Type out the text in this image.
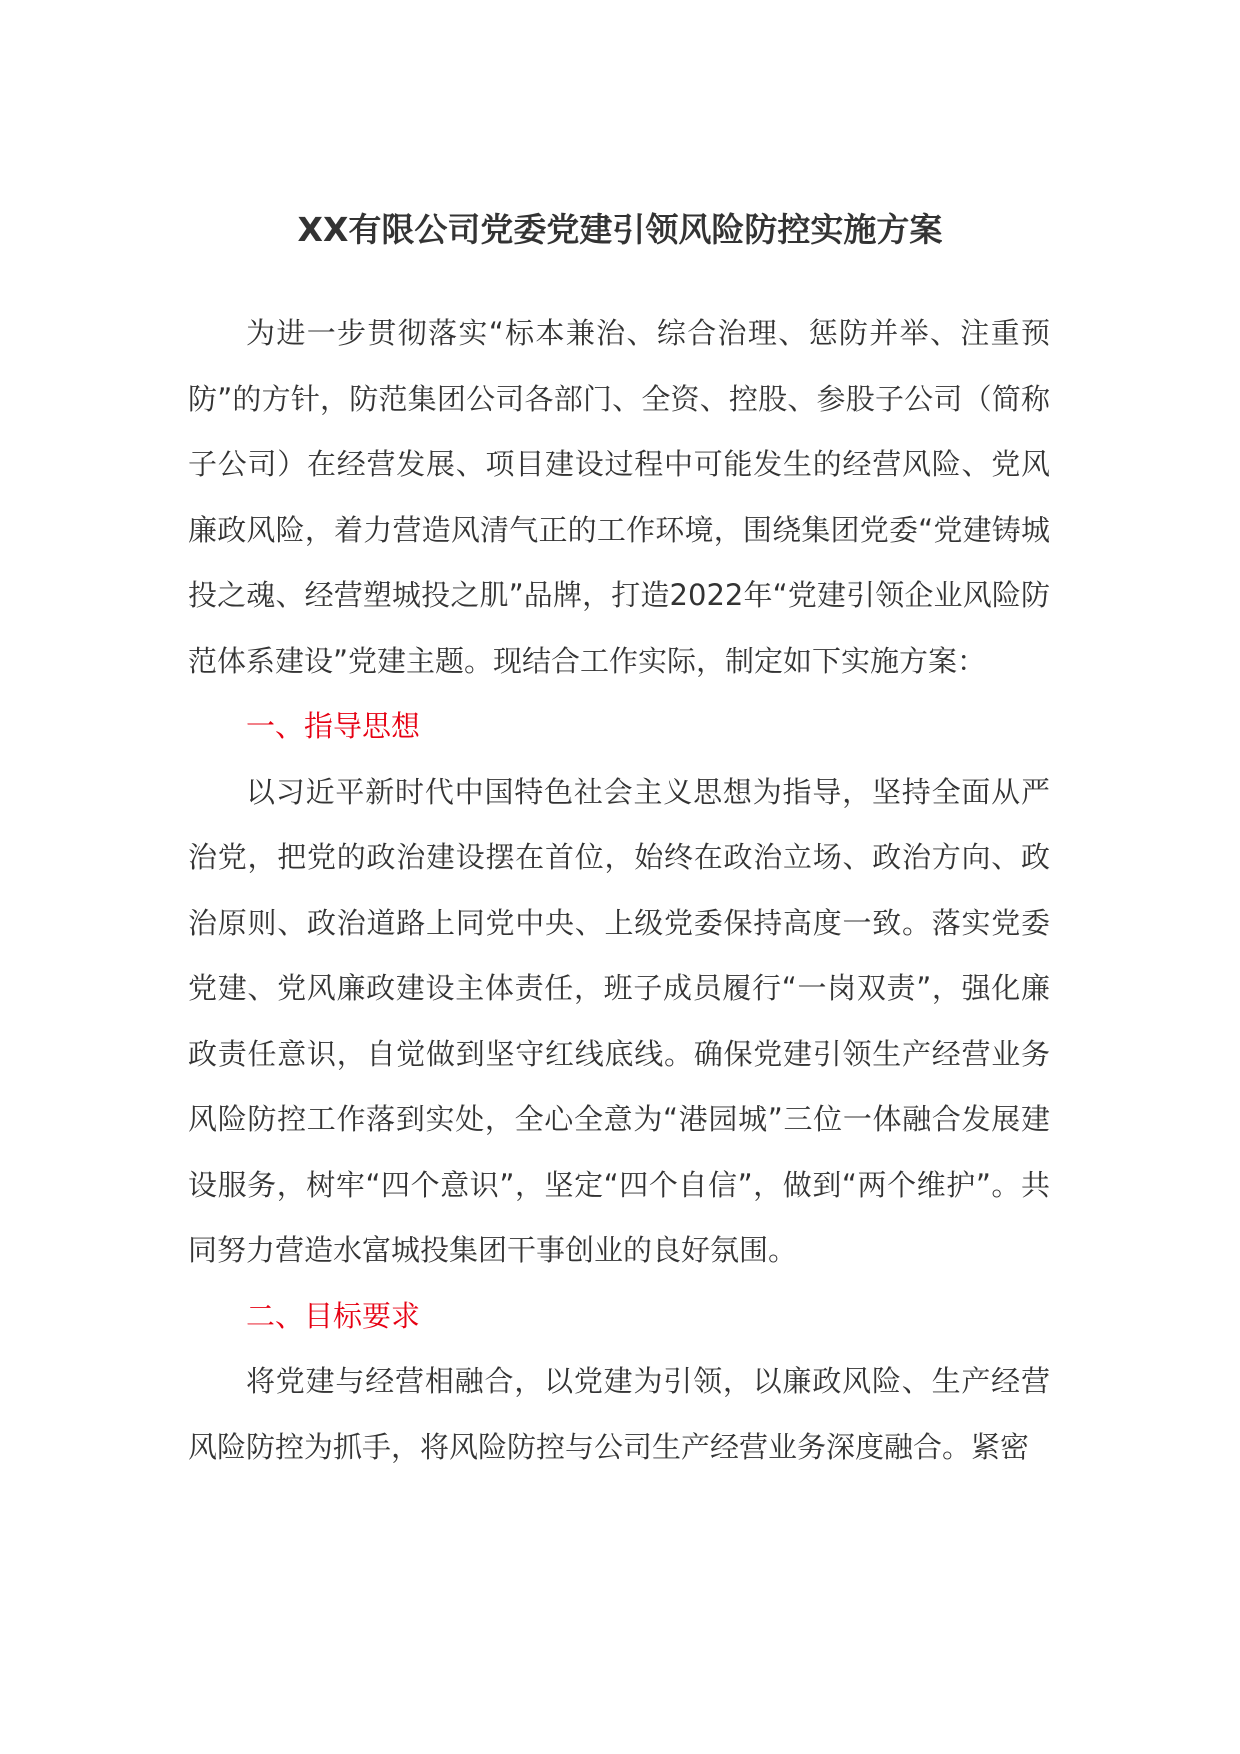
XX有限公司党委党建引领风险防控实施方案

为进一步贯彻落实“标本兼治、综合治理、惩防并举、注重预防”的方针，防范集团公司各部门、全资、控股、参股子公司（简称子公司）在经营发展、项目建设过程中可能发生的经营风险、党风廉政风险，着力营造风清气正的工作环境，围绕集团党委“党建铸城投之魂、经营塑城投之肌”品牌，打造2022年“党建引领企业风险防范体系建设”党建主题。现结合工作实际，制定如下实施方案：

一、指导思想

以习近平新时代中国特色社会主义思想为指导，坚持全面从严治党，把党的政治建设摆在首位，始终在政治立场、政治方向、政治原则、政治道路上同党中央、上级党委保持高度一致。落实党委党建、党风廉政建设主体责任，班子成员履行“一岗双责”，强化廉政责任意识，自觉做到坚守红线底线。确保党建引领生产经营业务风险防控工作落到实处，全心全意为“港园城”三位一体融合发展建设服务，树牢“四个意识”，坚定“四个自信”，做到“两个维护”。共同努力营造水富城投集团干事创业的良好氛围。

二、目标要求

将党建与经营相融合，以党建为引领，以廉政风险、生产经营风险防控为抓手，将风险防控与公司生产经营业务深度融合。紧密
